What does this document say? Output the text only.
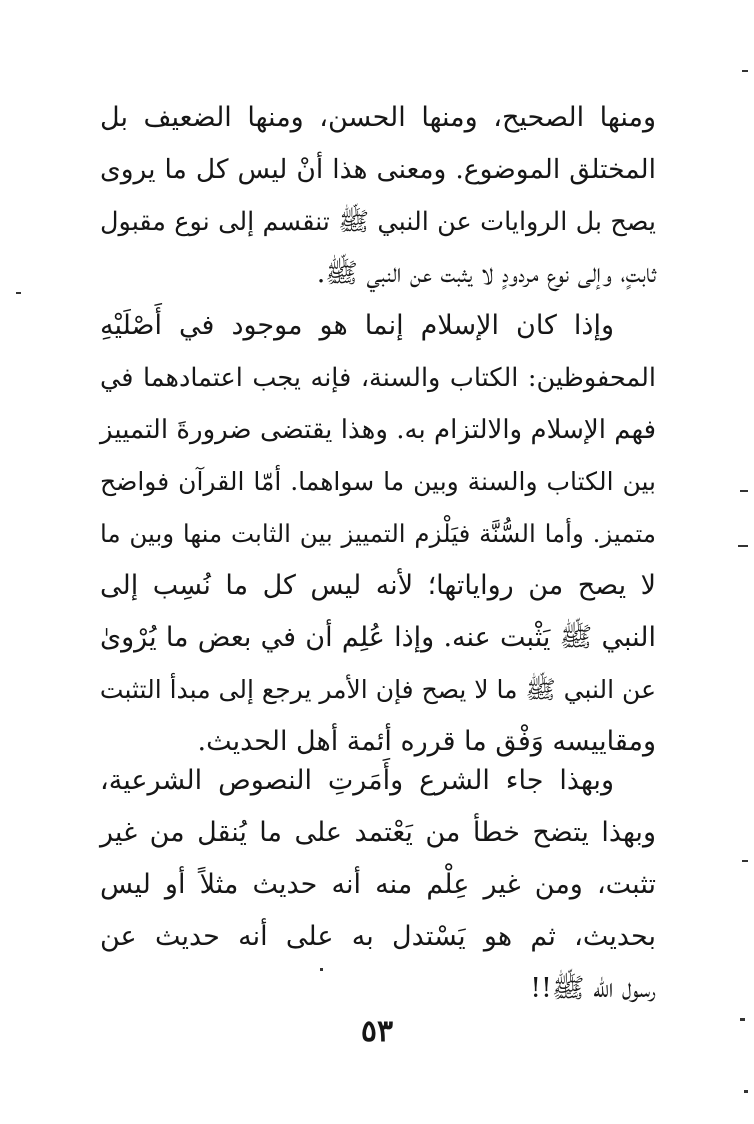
ومنها الصحيح، ومنها الحسن، ومنها الضعيف بل
المختلق الموضوع. ومعنى هذا أنْ ليس كل ما يروى
يصح بل الروايات عن النبي ﷺ تنقسم إلى نوع مقبول
ثابتٍ، وإلى نوع مردودٍ لا يثبت عن النبي ﷺ.
وإذا كان الإسلام إنما هو موجود في أَصْلَيْهِ
المحفوظين: الكتاب والسنة، فإنه يجب اعتمادهما في
فهم الإسلام والالتزام به. وهذا يقتضى ضرورةَ التمييز
بين الكتاب والسنة وبين ما سواهما. أمّا القرآن فواضح
متميز. وأما السُّنَّة فيَلْزم التمييز بين الثابت منها وبين ما
لا يصح من رواياتها؛ لأنه ليس كل ما نُسِب إلى
النبي ﷺ يَثْبت عنه. وإذا عُلِم أن في بعض ما يُرْوىٰ
عن النبي ﷺ ما لا يصح فإن الأمر يرجع إلى مبدأ التثبت
ومقاييسه وَفْق ما قرره أئمة أهل الحديث.
وبهذا جاء الشرع وأَمَرتِ النصوص الشرعية،
وبهذا يتضح خطأ من يَعْتمد على ما يُنقل من غير
تثبت، ومن غير عِلْم منه أنه حديث مثلاً أو ليس
بحديث، ثم هو يَسْتدل به على أنه حديث عن
رسول الله ﷺ!!
٥٣
